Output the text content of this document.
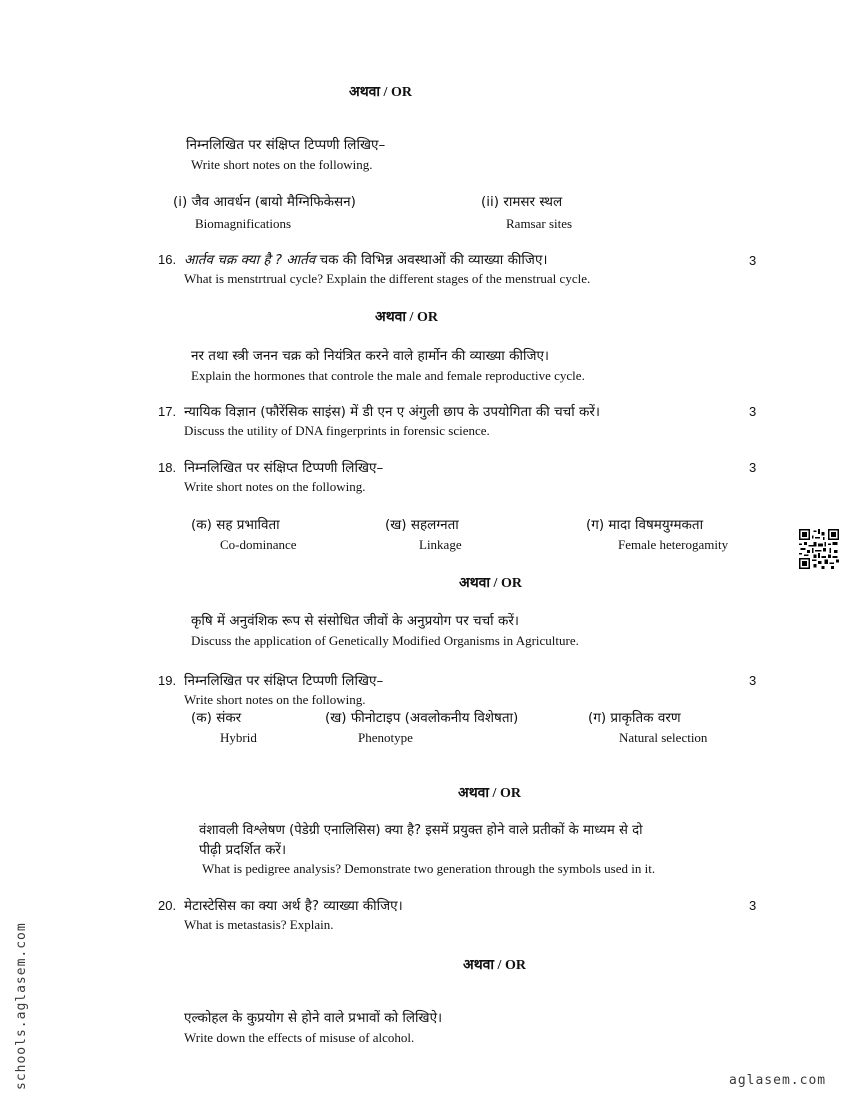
अथवा / OR
निम्नलिखित पर संक्षिप्त टिप्पणी लिखिए–
Write short notes on the following.
(i) जैव आवर्धन (बायो मैग्निफिकेसन)
Biomagnifications
(ii) रामसर स्थल
Ramsar sites
16. आर्तव चक्र क्या है ? आर्तव चक की विभिन्न अवस्थाओं की व्याख्या कीजिए।
What is menstrtrual cycle? Explain the different stages of the menstrual cycle.
3
अथवा / OR
नर तथा स्त्री जनन चक्र को नियंत्रित करने वाले हार्मोन की व्याख्या कीजिए।
Explain the hormones that controle the male and female reproductive cycle.
17. न्यायिक विज्ञान (फौरेंसिक साइंस) में डी एन ए अंगुली छाप के उपयोगिता की चर्चा करें।
Discuss the utility of DNA fingerprints in forensic science.
3
18. निम्नलिखित पर संक्षिप्त टिप्पणी लिखिए–
Write short notes on the following.
3
(क) सह प्रभाविता
Co-dominance
(ख) सहलग्नता
Linkage
(ग) मादा विषमयुग्मकता
Female heterogamity
अथवा / OR
कृषि में अनुवंशिक रूप से संसोधित जीवों के अनुप्रयोग पर चर्चा करें।
Discuss the application of Genetically Modified Organisms in Agriculture.
19. निम्नलिखित पर संक्षिप्त टिप्पणी लिखिए–
Write short notes on the following.
3
(क) संकर
Hybrid
(ख) फीनोटाइप (अवलोकनीय विशेषता)
Phenotype
(ग) प्राकृतिक वरण
Natural selection
अथवा / OR
वंशावली विश्लेषण (पेडेग्री एनालिसिस) क्या है? इसमें प्रयुक्त होने वाले प्रतीकों के माध्यम से दो
पीढ़ी प्रदर्शित करें।
What is pedigree analysis? Demonstrate two generation through the symbols used in it.
20. मेटास्टेसिस का क्या अर्थ है? व्याख्या कीजिए।
What is metastasis? Explain.
3
अथवा / OR
एल्कोहल के कुप्रयोग से होने वाले प्रभावों को लिखिऐ।
Write down the effects of misuse of alcohol.
schools.aglasem.com	aglasem.com
